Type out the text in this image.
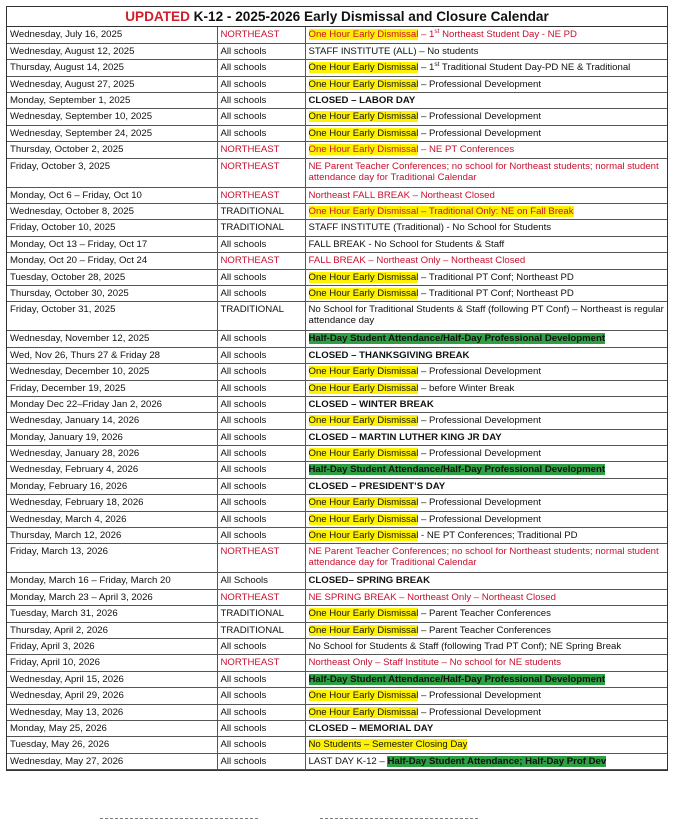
UPDATED K-12 - 2025-2026 Early Dismissal and Closure Calendar
Wednesday, July 16, 2025	NORTHEAST	One Hour Early Dismissal – 1st Northeast Student Day - NE PD
Wednesday, August 12, 2025	All schools	STAFF INSTITUTE (ALL) – No students
Thursday, August 14, 2025	All schools	One Hour Early Dismissal – 1st Traditional Student Day-PD NE & Traditional
Wednesday, August 27, 2025	All schools	One Hour Early Dismissal – Professional Development
Monday, September 1, 2025	All schools	CLOSED – LABOR DAY
Wednesday, September 10, 2025	All schools	One Hour Early Dismissal – Professional Development
Wednesday, September 24, 2025	All schools	One Hour Early Dismissal – Professional Development
Thursday, October 2, 2025	NORTHEAST	One Hour Early Dismissal – NE PT Conferences
Friday, October 3, 2025	NORTHEAST	NE Parent Teacher Conferences; no school for Northeast students; normal student attendance day for Traditional Calendar
Monday, Oct 6 – Friday, Oct 10	NORTHEAST	Northeast FALL BREAK – Northeast Closed
Wednesday, October 8, 2025	TRADITIONAL	One Hour Early Dismissal – Traditional Only: NE on Fall Break
Friday, October 10, 2025	TRADITIONAL	STAFF INSTITUTE (Traditional) - No School for Students
Monday, Oct 13 – Friday, Oct 17	All schools	FALL BREAK - No School for Students & Staff
Monday, Oct 20 – Friday, Oct 24	NORTHEAST	FALL BREAK – Northeast Only – Northeast Closed
Tuesday, October 28, 2025	All schools	One Hour Early Dismissal – Traditional PT Conf; Northeast PD
Thursday, October 30, 2025	All schools	One Hour Early Dismissal – Traditional PT Conf; Northeast PD
Friday, October 31, 2025	TRADITIONAL	No School for Traditional Students & Staff (following PT Conf) – Northeast is regular attendance day
Wednesday, November 12, 2025	All schools	Half-Day Student Attendance/Half-Day Professional Development
Wed, Nov 26, Thurs 27 & Friday 28	All schools	CLOSED – THANKSGIVING BREAK
Wednesday, December 10, 2025	All schools	One Hour Early Dismissal – Professional Development
Friday, December 19, 2025	All schools	One Hour Early Dismissal – before Winter Break
Monday Dec 22–Friday Jan 2, 2026	All schools	CLOSED – WINTER BREAK
Wednesday, January 14, 2026	All schools	One Hour Early Dismissal – Professional Development
Monday, January 19, 2026	All schools	CLOSED – MARTIN LUTHER KING JR DAY
Wednesday, January 28, 2026	All schools	One Hour Early Dismissal – Professional Development
Wednesday, February 4, 2026	All schools	Half-Day Student Attendance/Half-Day Professional Development
Monday, February 16, 2026	All schools	CLOSED – PRESIDENT’S DAY
Wednesday, February 18, 2026	All schools	One Hour Early Dismissal – Professional Development
Wednesday, March 4, 2026	All schools	One Hour Early Dismissal – Professional Development
Thursday, March 12, 2026	All schools	One Hour Early Dismissal - NE PT Conferences; Traditional PD
Friday, March 13, 2026	NORTHEAST	NE Parent Teacher Conferences; no school for Northeast students; normal student attendance day for Traditional Calendar
Monday, March 16 – Friday, March 20	All Schools	CLOSED– SPRING BREAK
Monday, March 23 – April 3, 2026	NORTHEAST	NE SPRING BREAK – Northeast Only – Northeast Closed
Tuesday, March 31, 2026	TRADITIONAL	One Hour Early Dismissal – Parent Teacher Conferences
Thursday, April 2, 2026	TRADITIONAL	One Hour Early Dismissal – Parent Teacher Conferences
Friday, April 3, 2026	All schools	No School for Students & Staff (following Trad PT Conf); NE Spring Break
Friday, April 10, 2026	NORTHEAST	Northeast Only – Staff Institute – No school for NE students
Wednesday, April 15, 2026	All schools	Half-Day Student Attendance/Half-Day Professional Development
Wednesday, April 29, 2026	All schools	One Hour Early Dismissal – Professional Development
Wednesday, May 13, 2026	All schools	One Hour Early Dismissal – Professional Development
Monday, May 25, 2026	All schools	CLOSED – MEMORIAL DAY
Tuesday, May 26, 2026	All schools	No Students – Semester Closing Day
Wednesday, May 27, 2026	All schools	LAST DAY K-12 – Half-Day Student Attendance; Half-Day Prof Dev
